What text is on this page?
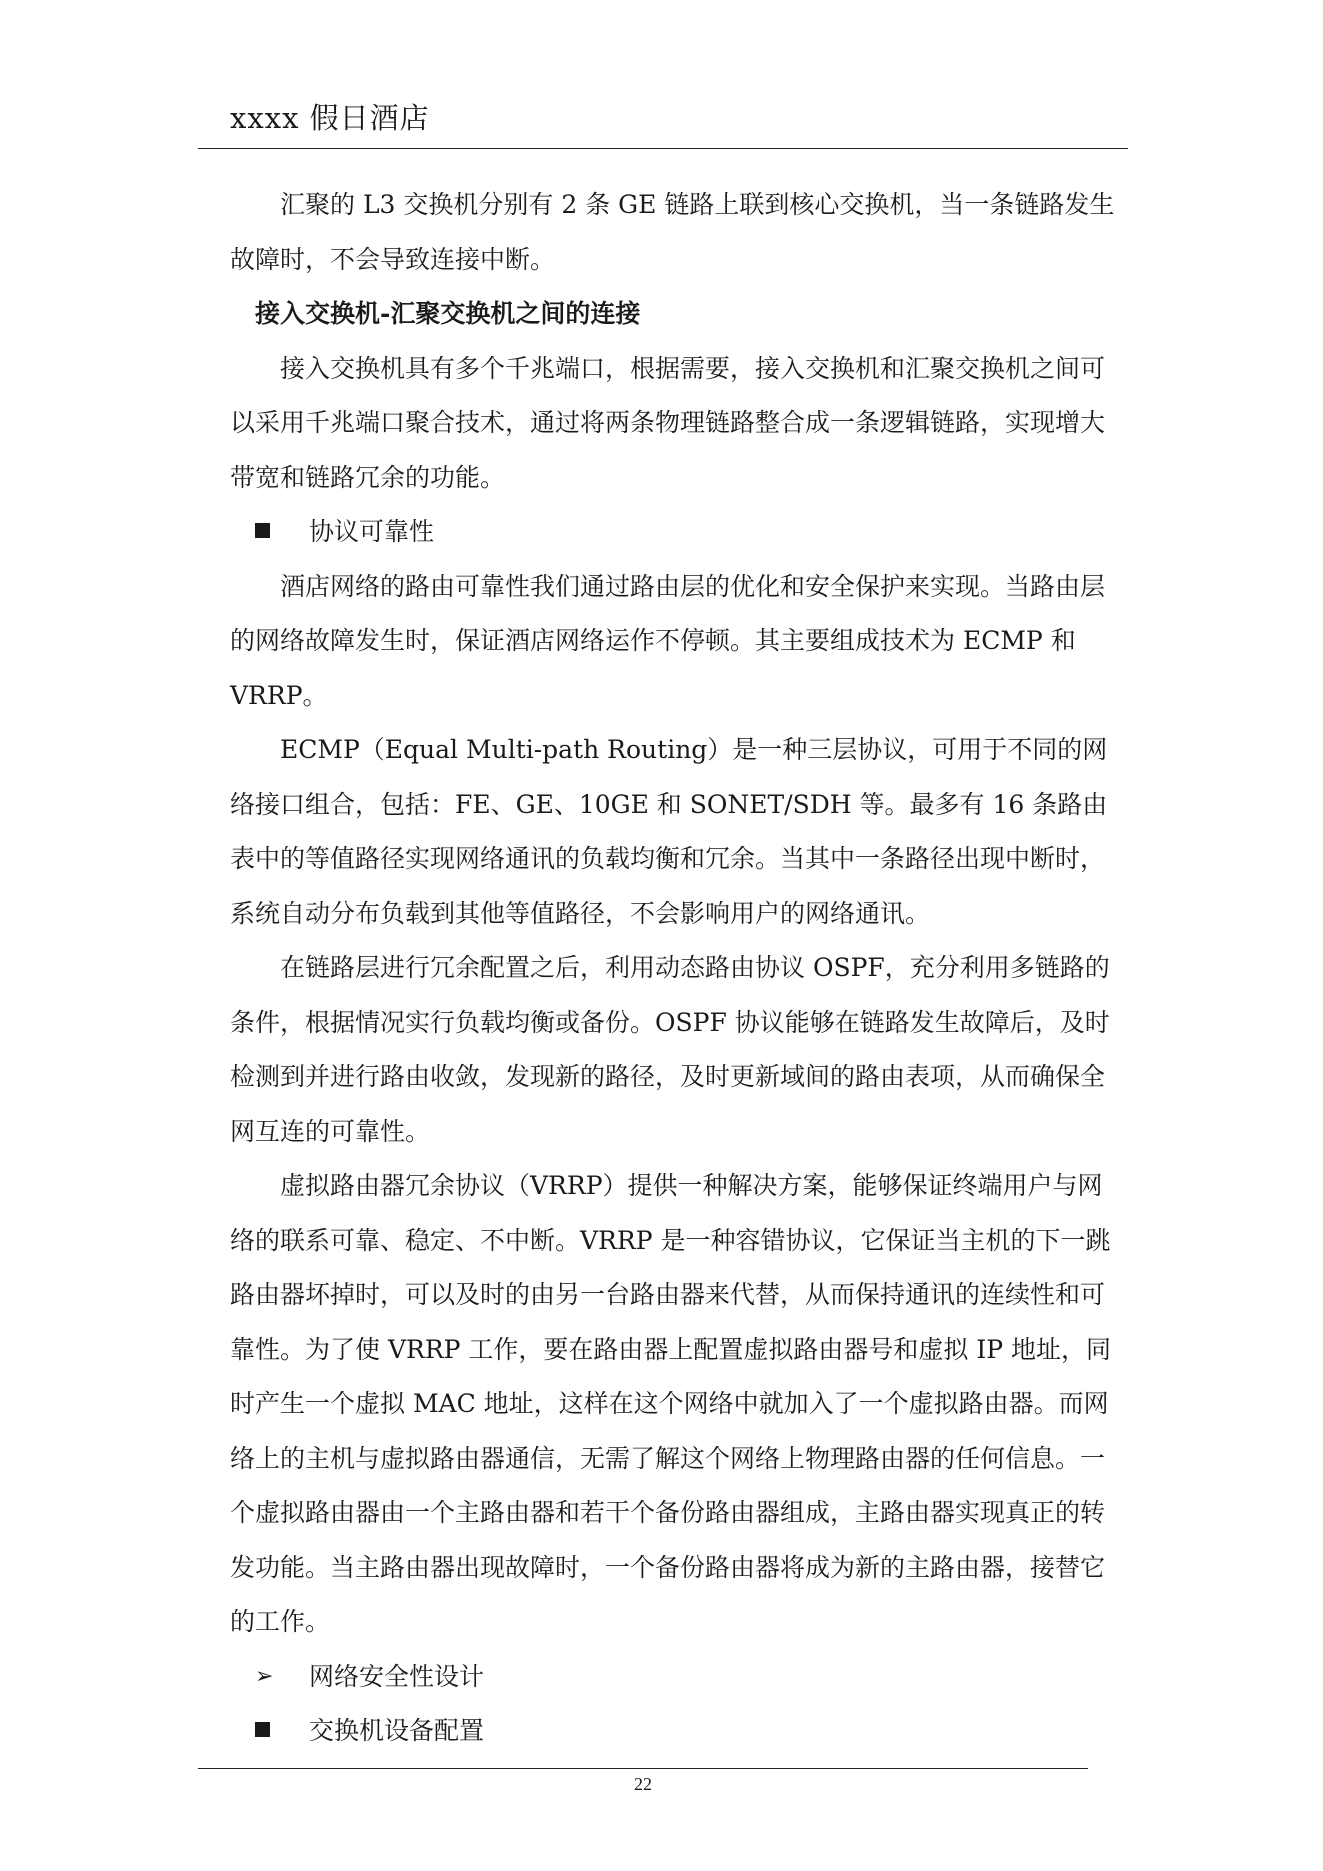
xxxx 假日酒店

汇聚的 L3 交换机分别有 2 条 GE 链路上联到核心交换机，当一条链路发生故障时，不会导致连接中断。

接入交换机-汇聚交换机之间的连接

接入交换机具有多个千兆端口，根据需要，接入交换机和汇聚交换机之间可以采用千兆端口聚合技术，通过将两条物理链路整合成一条逻辑链路，实现增大带宽和链路冗余的功能。

协议可靠性

酒店网络的路由可靠性我们通过路由层的优化和安全保护来实现。当路由层的网络故障发生时，保证酒店网络运作不停顿。其主要组成技术为 ECMP 和 VRRP。

ECMP（Equal Multi-path Routing）是一种三层协议，可用于不同的网络接口组合，包括：FE、GE、10GE 和 SONET/SDH 等。最多有 16 条路由表中的等值路径实现网络通讯的负载均衡和冗余。当其中一条路径出现中断时，系统自动分布负载到其他等值路径，不会影响用户的网络通讯。

在链路层进行冗余配置之后，利用动态路由协议 OSPF，充分利用多链路的条件，根据情况实行负载均衡或备份。OSPF 协议能够在链路发生故障后，及时检测到并进行路由收敛，发现新的路径，及时更新域间的路由表项，从而确保全网互连的可靠性。

虚拟路由器冗余协议（VRRP）提供一种解决方案，能够保证终端用户与网络的联系可靠、稳定、不中断。VRRP 是一种容错协议，它保证当主机的下一跳路由器坏掉时，可以及时的由另一台路由器来代替，从而保持通讯的连续性和可靠性。为了使 VRRP 工作，要在路由器上配置虚拟路由器号和虚拟 IP 地址，同时产生一个虚拟 MAC 地址，这样在这个网络中就加入了一个虚拟路由器。而网络上的主机与虚拟路由器通信，无需了解这个网络上物理路由器的任何信息。一个虚拟路由器由一个主路由器和若干个备份路由器组成，主路由器实现真正的转发功能。当主路由器出现故障时，一个备份路由器将成为新的主路由器，接替它的工作。

➢	网络安全性设计

交换机设备配置

22
